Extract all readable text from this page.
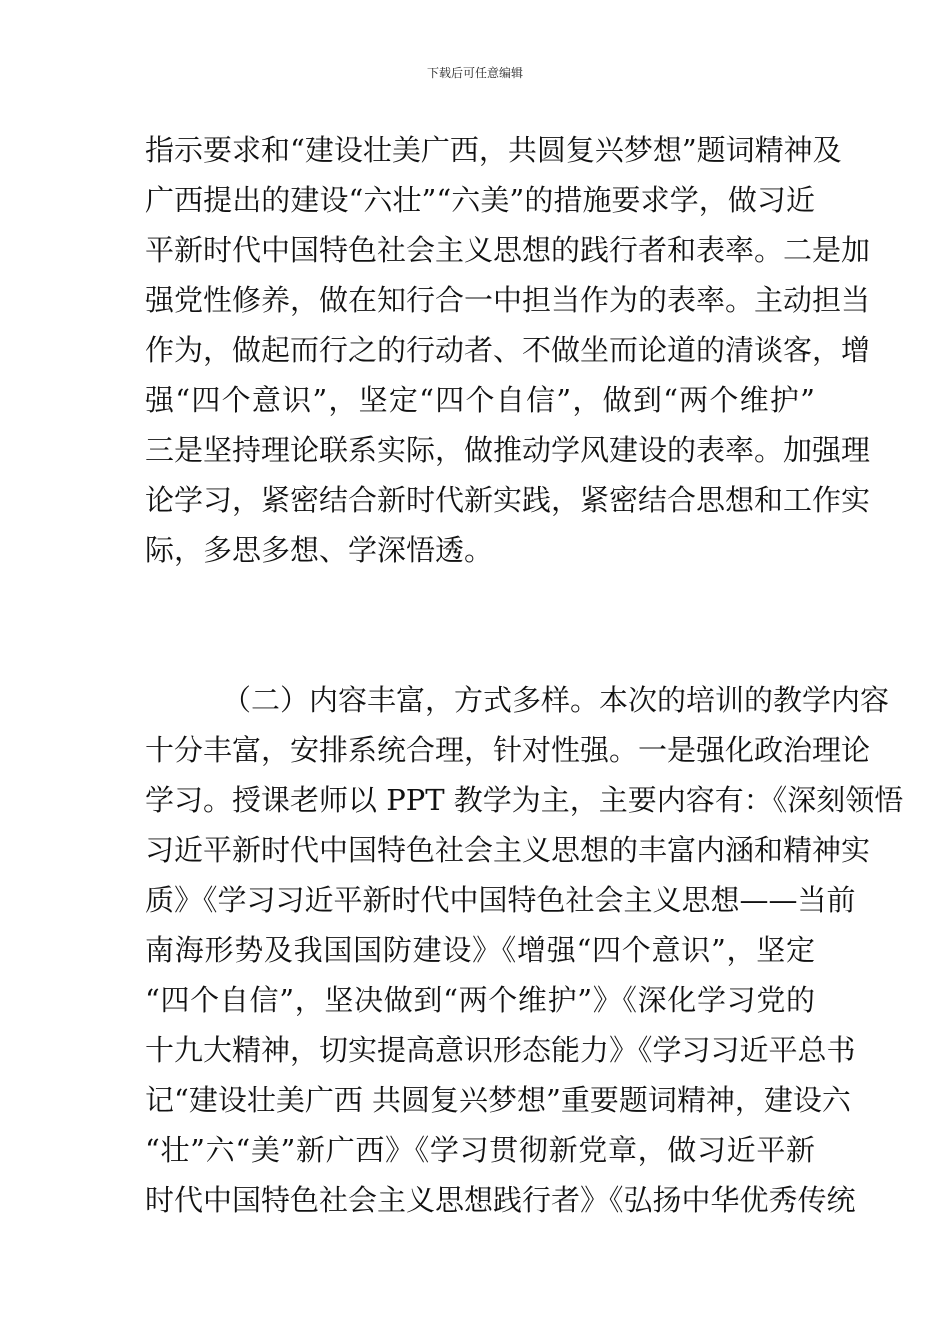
下载后可任意编辑
指示要求和“建设壮美广西，共圆复兴梦想”题词精神及
广西提出的建设“六壮”“六美”的措施要求学，做习近
平新时代中国特色社会主义思想的践行者和表率。二是加
强党性修养，做在知行合一中担当作为的表率。主动担当
作为，做起而行之的行动者、不做坐而论道的清谈客，增
强“四个意识”，坚定“四个自信”，做到“两个维护”
三是坚持理论联系实际，做推动学风建设的表率。加强理
论学习，紧密结合新时代新实践，紧密结合思想和工作实
际，多思多想、学深悟透。
（二）内容丰富，方式多样。本次的培训的教学内容
十分丰富，安排系统合理，针对性强。一是强化政治理论
学习。授课老师以 PPT 教学为主，主要内容有：《深刻领悟
习近平新时代中国特色社会主义思想的丰富内涵和精神实
质》《学习习近平新时代中国特色社会主义思想——当前
南海形势及我国国防建设》《增强“四个意识”，坚定
“四个自信”，坚决做到“两个维护”》《深化学习党的
十九大精神，切实提高意识形态能力》《学习习近平总书
记“建设壮美广西 共圆复兴梦想”重要题词精神，建设六
“壮”六“美”新广西》《学习贯彻新党章，做习近平新
时代中国特色社会主义思想践行者》《弘扬中华优秀传统
